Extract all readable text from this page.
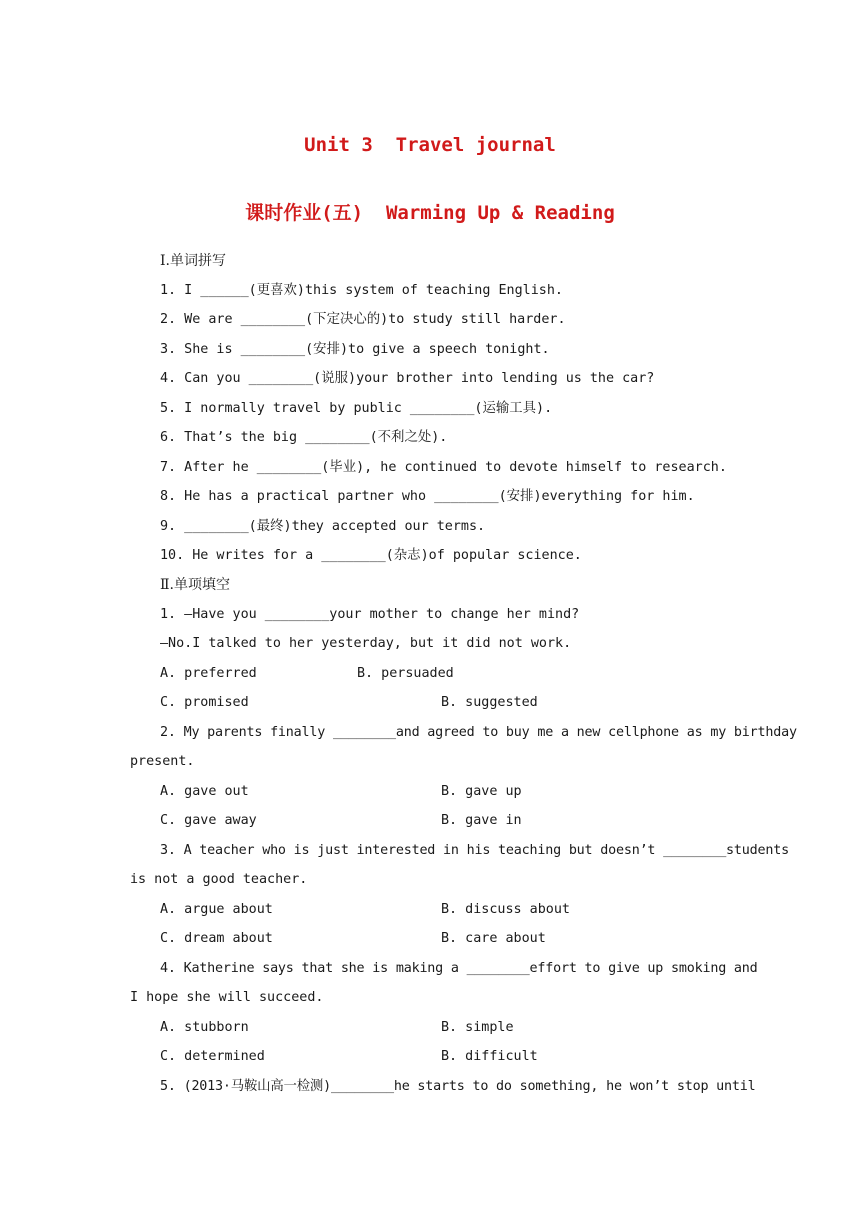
Unit 3  Travel journal
课时作业(五)  Warming Up & Reading
Ⅰ.单词拼写
1. I ______(更喜欢)this system of teaching English.
2. We are ________(下定决心的)to study still harder.
3. She is ________(安排)to give a speech tonight.
4. Can you ________(说服)your brother into lending us the car?
5. I normally travel by public ________(运输工具).
6. That’s the big ________(不利之处).
7. After he ________(毕业), he continued to devote himself to research.
8. He has a practical partner who ________(安排)everything for him.
9. ________(最终)they accepted our terms.
10. He writes for a ________(杂志)of popular science.
Ⅱ.单项填空
1. —Have you ________your mother to change her mind?
—No.I talked to her yesterday, but it did not work.
A. preferred	B. persuaded
C. promised	B. suggested
2. My parents finally ________and agreed to buy me a new cellphone as my birthday
present.
A. gave out	B. gave up
C. gave away	B. gave in
3. A teacher who is just interested in his teaching but doesn’t ________students
is not a good teacher.
A. argue about	B. discuss about
C. dream about	B. care about
4. Katherine says that she is making a ________effort to give up smoking and
I hope she will succeed.
A. stubborn	B. simple
C. determined	B. difficult
5. (2013·马鞍山高一检测)________he starts to do something, he won’t stop until
